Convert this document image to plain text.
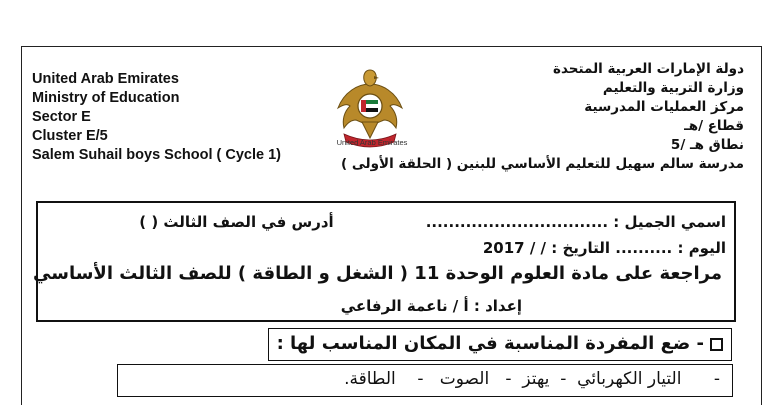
United Arab Emirates
Ministry of Education
Sector E
Cluster E/5
Salem Suhail boys School ( Cycle 1)
United Arab Emirates
دولة الإمارات العربية المتحدة
وزارة التربية والتعليم
مركز العمليات المدرسية
قطاع /هـ
نطاق هـ /5
مدرسة سالم سهيل للتعليم الأساسي للبنين ( الحلقة الأولى )
اسمي الجميل : ................................أدرس في الصف الثالث ( )
اليوم : .......... التاريخ : / / 2017
مراجعة على مادة العلوم الوحدة 11 ( الشغل و الطاقة ) للصف الثالث الأساسي
إعداد : أ / ناعمة الرفاعي
- ضع المفردة المناسبة في المكان المناسب لها :
-      التيار الكهربائي  -  يهتز  -   الصوت   -    الطاقة.
